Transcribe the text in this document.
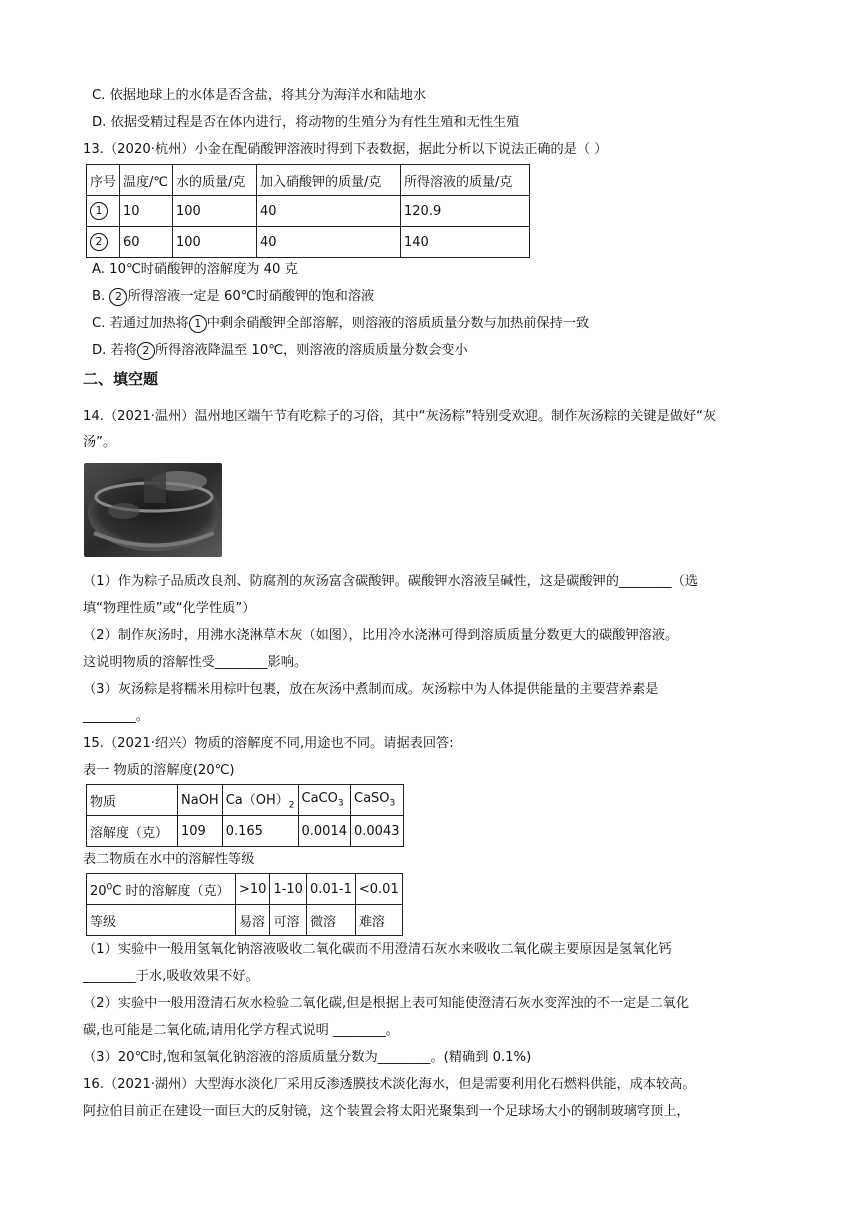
C. 依据地球上的水体是否含盐，将其分为海洋水和陆地水
D. 依据受精过程是否在体内进行，将动物的生殖分为有性生殖和无性生殖
13.（2020·杭州）小金在配硝酸钾溶液时得到下表数据，据此分析以下说法正确的是（ ）
序号	温度/℃	水的质量/克	加入硝酸钾的质量/克	所得溶液的质量/克
1	10	100	40	120.9
2	60	100	40	140
A. 10℃时硝酸钾的溶解度为 40 克
B. 2 所得溶液一定是 60℃时硝酸钾的饱和溶液
C. 若通过加热将 1 中剩余硝酸钾全部溶解，则溶液的溶质质量分数与加热前保持一致
D. 若将 2 所得溶液降温至 10℃，则溶液的溶质质量分数会变小
二、填空题
14.（2021·温州）温州地区端午节有吃粽子的习俗，其中“灰汤粽”特别受欢迎。制作灰汤粽的关键是做好“灰
汤”。
（1）作为粽子品质改良剂、防腐剂的灰汤富含碳酸钾。碳酸钾水溶液呈碱性，这是碳酸钾的________（选
填“物理性质”或“化学性质”）
（2）制作灰汤时，用沸水浇淋草木灰（如图），比用冷水浇淋可得到溶质质量分数更大的碳酸钾溶液。
这说明物质的溶解性受________影响。
（3）灰汤粽是将糯米用棕叶包裹，放在灰汤中煮制而成。灰汤粽中为人体提供能量的主要营养素是
________。
15.（2021·绍兴）物质的溶解度不同,用途也不同。请据表回答:
表一 物质的溶解度(20℃)
物质	NaOH	$Ca(OH)_2$	CaCO$_3$	CaSO$_3$
溶解度（克）	109	0.165	0.0014	0.0043
表二物质在水中的溶解性等级
$20^0C$ 时的溶解度（克）	>10	1-10	0.01-1	<0.01
等级	易溶	可溶	微溶	难溶
（1）实验中一般用氢氧化钠溶液吸收二氧化碳而不用澄清石灰水来吸收二氧化碳主要原因是氢氧化钙
________于水,吸收效果不好。
（2）实验中一般用澄清石灰水检验二氧化碳,但是根据上表可知能使澄清石灰水变浑浊的不一定是二氧化
碳,也可能是二氧化硫,请用化学方程式说明 ________。
（3）20℃时,饱和氢氧化钠溶液的溶质质量分数为________。(精确到 0.1%)
16.（2021·湖州）大型海水淡化厂采用反渗透膜技术淡化海水，但是需要利用化石燃料供能，成本较高。
阿拉伯目前正在建设一面巨大的反射镜，这个装置会将太阳光聚集到一个足球场大小的钢制玻璃穹顶上，
